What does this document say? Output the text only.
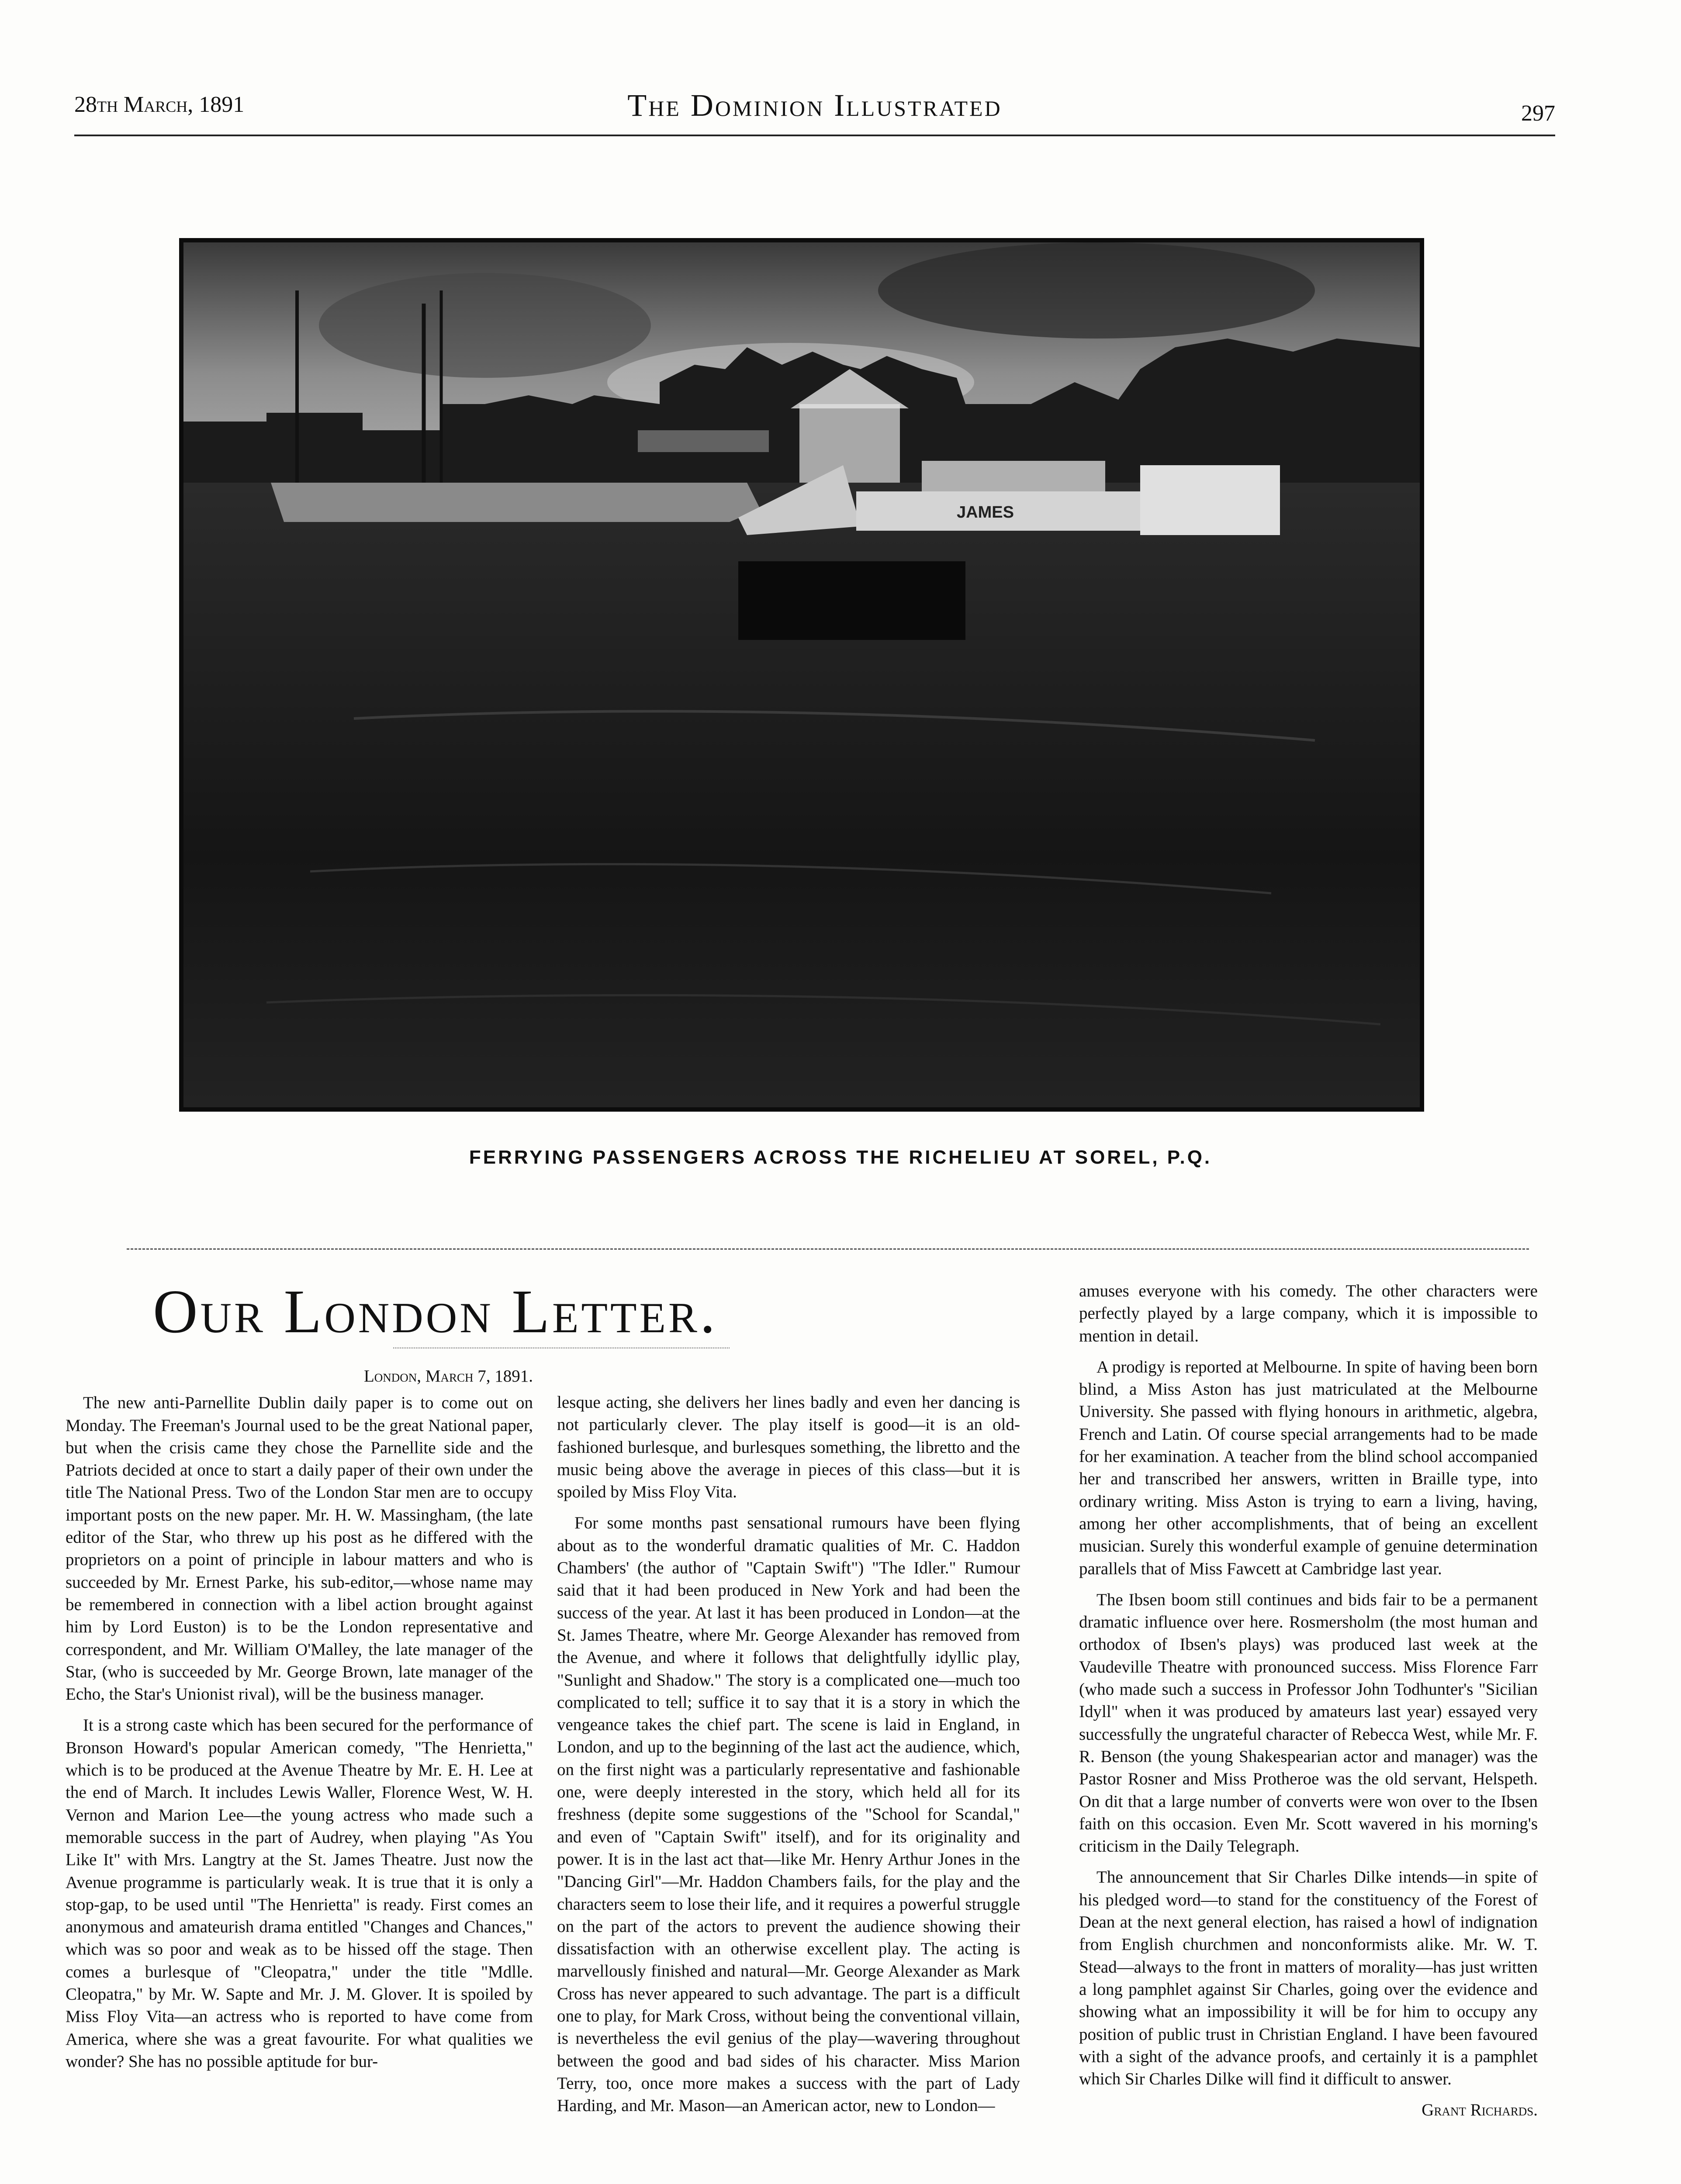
28th March, 1891	The Dominion Illustrated	297
JAMES
FERRYING PASSENGERS ACROSS THE RICHELIEU AT SOREL, P.Q.
Our London Letter.
London, March 7, 1891.

The new anti-Parnellite Dublin daily paper is to come out on Monday. The Freeman's Journal used to be the great National paper, but when the crisis came they chose the Parnellite side and the Patriots decided at once to start a daily paper of their own under the title The National Press. Two of the London Star men are to occupy important posts on the new paper. Mr. H. W. Massingham, (the late editor of the Star, who threw up his post as he differed with the proprietors on a point of principle in labour matters and who is succeeded by Mr. Ernest Parke, his sub-editor,—whose name may be remembered in connection with a libel action brought against him by Lord Euston) is to be the London representative and correspondent, and Mr. William O'Malley, the late manager of the Star, (who is succeeded by Mr. George Brown, late manager of the Echo, the Star's Unionist rival), will be the business manager.

It is a strong caste which has been secured for the performance of Bronson Howard's popular American comedy, "The Henrietta," which is to be produced at the Avenue Theatre by Mr. E. H. Lee at the end of March. It includes Lewis Waller, Florence West, W. H. Vernon and Marion Lee—the young actress who made such a memorable success in the part of Audrey, when playing "As You Like It" with Mrs. Langtry at the St. James Theatre. Just now the Avenue programme is particularly weak. It is true that it is only a stop-gap, to be used until "The Henrietta" is ready. First comes an anonymous and amateurish drama entitled "Changes and Chances," which was so poor and weak as to be hissed off the stage. Then comes a burlesque of "Cleopatra," under the title "Mdlle. Cleopatra," by Mr. W. Sapte and Mr. J. M. Glover. It is spoiled by Miss Floy Vita—an actress who is reported to have come from America, where she was a great favourite. For what qualities we wonder? She has no possible aptitude for bur-

lesque acting, she delivers her lines badly and even her dancing is not particularly clever. The play itself is good—it is an old-fashioned burlesque, and burlesques something, the libretto and the music being above the average in pieces of this class—but it is spoiled by Miss Floy Vita.

For some months past sensational rumours have been flying about as to the wonderful dramatic qualities of Mr. C. Haddon Chambers' (the author of "Captain Swift") "The Idler." Rumour said that it had been produced in New York and had been the success of the year. At last it has been produced in London—at the St. James Theatre, where Mr. George Alexander has removed from the Avenue, and where it follows that delightfully idyllic play, "Sunlight and Shadow." The story is a complicated one—much too complicated to tell; suffice it to say that it is a story in which the vengeance takes the chief part. The scene is laid in England, in London, and up to the beginning of the last act the audience, which, on the first night was a particularly representative and fashionable one, were deeply interested in the story, which held all for its freshness (depite some suggestions of the "School for Scandal," and even of "Captain Swift" itself), and for its originality and power. It is in the last act that—like Mr. Henry Arthur Jones in the "Dancing Girl"—Mr. Haddon Chambers fails, for the play and the characters seem to lose their life, and it requires a powerful struggle on the part of the actors to prevent the audience showing their dissatisfaction with an otherwise excellent play. The acting is marvellously finished and natural—Mr. George Alexander as Mark Cross has never appeared to such advantage. The part is a difficult one to play, for Mark Cross, without being the conventional villain, is nevertheless the evil genius of the play—wavering throughout between the good and bad sides of his character. Miss Marion Terry, too, once more makes a success with the part of Lady Harding, and Mr. Mason—an American actor, new to London—

amuses everyone with his comedy. The other characters were perfectly played by a large company, which it is impossible to mention in detail.

A prodigy is reported at Melbourne. In spite of having been born blind, a Miss Aston has just matriculated at the Melbourne University. She passed with flying honours in arithmetic, algebra, French and Latin. Of course special arrangements had to be made for her examination. A teacher from the blind school accompanied her and transcribed her answers, written in Braille type, into ordinary writing. Miss Aston is trying to earn a living, having, among her other accomplishments, that of being an excellent musician. Surely this wonderful example of genuine determination parallels that of Miss Fawcett at Cambridge last year.

The Ibsen boom still continues and bids fair to be a permanent dramatic influence over here. Rosmersholm (the most human and orthodox of Ibsen's plays) was produced last week at the Vaudeville Theatre with pronounced success. Miss Florence Farr (who made such a success in Professor John Todhunter's "Sicilian Idyll" when it was produced by amateurs last year) essayed very successfully the ungrateful character of Rebecca West, while Mr. F. R. Benson (the young Shakespearian actor and manager) was the Pastor Rosner and Miss Protheroe was the old servant, Helspeth. On dit that a large number of converts were won over to the Ibsen faith on this occasion. Even Mr. Scott wavered in his morning's criticism in the Daily Telegraph.

The announcement that Sir Charles Dilke intends—in spite of his pledged word—to stand for the constituency of the Forest of Dean at the next general election, has raised a howl of indignation from English churchmen and nonconformists alike. Mr. W. T. Stead—always to the front in matters of morality—has just written a long pamphlet against Sir Charles, going over the evidence and showing what an impossibility it will be for him to occupy any position of public trust in Christian England. I have been favoured with a sight of the advance proofs, and certainly it is a pamphlet which Sir Charles Dilke will find it difficult to answer.

Grant Richards.
